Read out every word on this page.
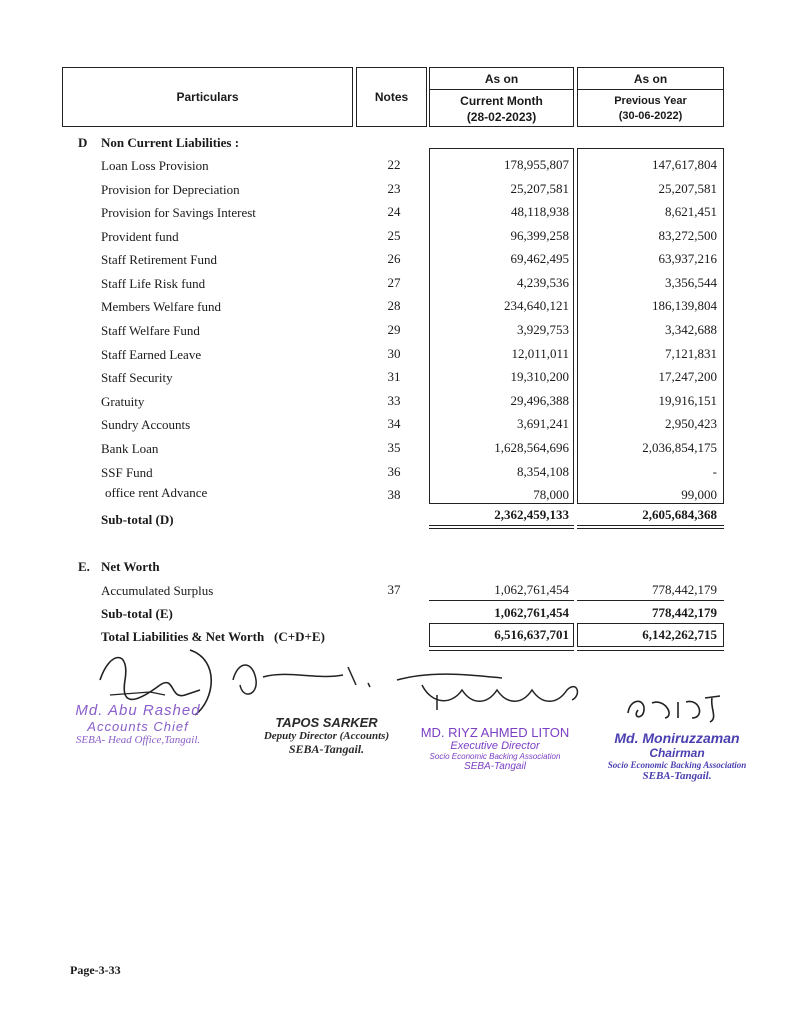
Particulars	Notes
As on
Current Month
(28-02-2023)
As on
Previous Year
(30-06-2022)
D Non Current Liabilities :
Loan Loss Provision	22	178,955,807	147,617,804
Provision for Depreciation	23	25,207,581	25,207,581
Provision for Savings Interest	24	48,118,938	8,621,451
Provident fund	25	96,399,258	83,272,500
Staff Retirement Fund	26	69,462,495	63,937,216
Staff Life Risk fund	27	4,239,536	3,356,544
Members Welfare fund	28	234,640,121	186,139,804
Staff Welfare Fund	29	3,929,753	3,342,688
Staff Earned Leave	30	12,011,011	7,121,831
Staff Security	31	19,310,200	17,247,200
Gratuity	33	29,496,388	19,916,151
Sundry Accounts	34	3,691,241	2,950,423
Bank Loan	35	1,628,564,696	2,036,854,175
SSF Fund	36	8,354,108	-
office rent Advance	38	78,000	99,000
Sub-total (D)	2,362,459,133	2,605,684,368
E. Net Worth
Accumulated Surplus	37	1,062,761,454	778,442,179
Sub-total (E)	1,062,761,454	778,442,179
Total Liabilities & Net Worth (C+D+E)	6,516,637,701	6,142,262,715
Md. Abu Rashed
Accounts Chief
SEBA- Head Office,Tangail.
TAPOS SARKER
Deputy Director (Accounts)
SEBA-Tangail.
MD. RIYZ AHMED LITON
Executive Director
Socio Economic Backing Association
SEBA-Tangail
Md. Moniruzzaman
Chairman
Socio Economic Backing Association
SEBA-Tangail.
Page-3-33
